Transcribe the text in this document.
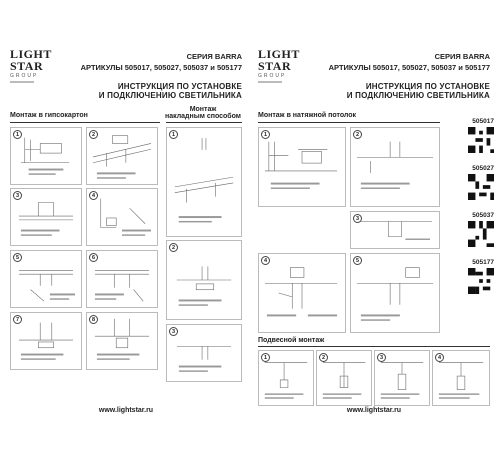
LIGHT
STAR
GROUP
СЕРИЯ BARRA
АРТИКУЛЫ 505017, 505027, 505037 и 505177
ИНСТРУКЦИЯ ПО УСТАНОВКЕ
И ПОДКЛЮЧЕНИЮ СВЕТИЛЬНИКА
Монтаж в гипсокартон
Монтаж
накладным способом
1	2
3	4
5	6
7	8
1
2
3
www.lightstar.ru
LIGHT
STAR
GROUP
СЕРИЯ BARRA
АРТИКУЛЫ 505017, 505027, 505037 и 505177
ИНСТРУКЦИЯ ПО УСТАНОВКЕ
И ПОДКЛЮЧЕНИЮ СВЕТИЛЬНИКА
Монтаж в натяжной потолок
1	2
3
4	5
Подвесной монтаж
1	2	3	4
505017
505027
505037
505177
www.lightstar.ru
